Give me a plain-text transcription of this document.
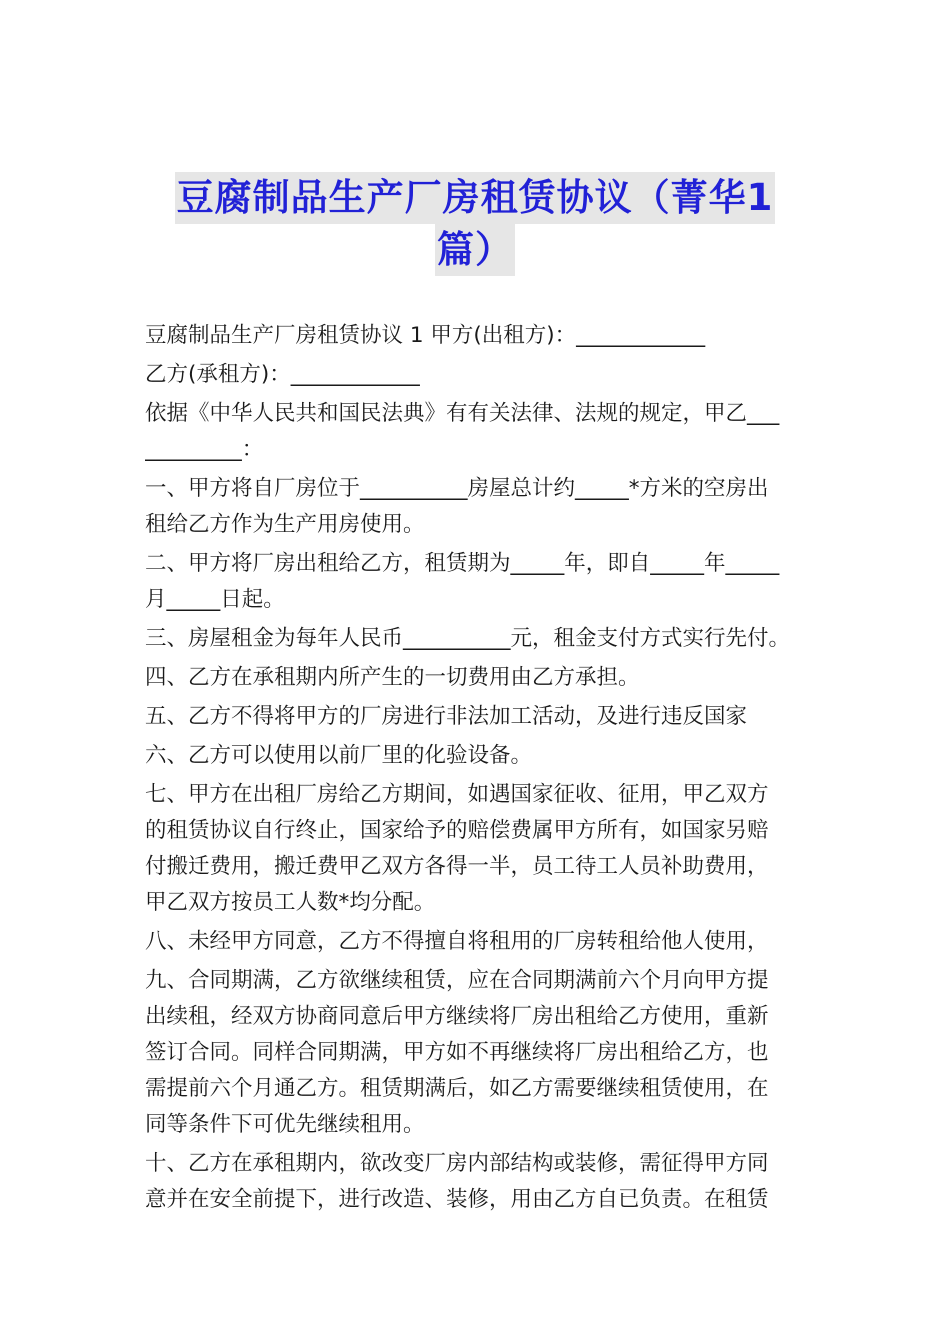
豆腐制品生产厂房租赁协议（菁华1
篇）
豆腐制品生产厂房租赁协议 1 甲方(出租方)：____________
乙方(承租方)：____________
依据《中华人民共和国民法典》有有关法律、法规的规定，甲乙___
_________：
一、甲方将自厂房位于__________房屋总计约_____*方米的空房出
租给乙方作为生产用房使用。
二、甲方将厂房出租给乙方，租赁期为_____年，即自_____年_____
月_____日起。
三、房屋租金为每年人民币__________元，租金支付方式实行先付。
四、乙方在承租期内所产生的一切费用由乙方承担。
五、乙方不得将甲方的厂房进行非法加工活动，及进行违反国家
六、乙方可以使用以前厂里的化验设备。
七、甲方在出租厂房给乙方期间，如遇国家征收、征用，甲乙双方
的租赁协议自行终止，国家给予的赔偿费属甲方所有，如国家另赔
付搬迁费用，搬迁费甲乙双方各得一半，员工待工人员补助费用，
甲乙双方按员工人数*均分配。
八、未经甲方同意，乙方不得擅自将租用的厂房转租给他人使用，
九、合同期满，乙方欲继续租赁，应在合同期满前六个月向甲方提
出续租，经双方协商同意后甲方继续将厂房出租给乙方使用，重新
签订合同。同样合同期满，甲方如不再继续将厂房出租给乙方，也
需提前六个月通乙方。租赁期满后，如乙方需要继续租赁使用，在
同等条件下可优先继续租用。
十、乙方在承租期内，欲改变厂房内部结构或装修，需征得甲方同
意并在安全前提下，进行改造、装修，用由乙方自已负责。在租赁
